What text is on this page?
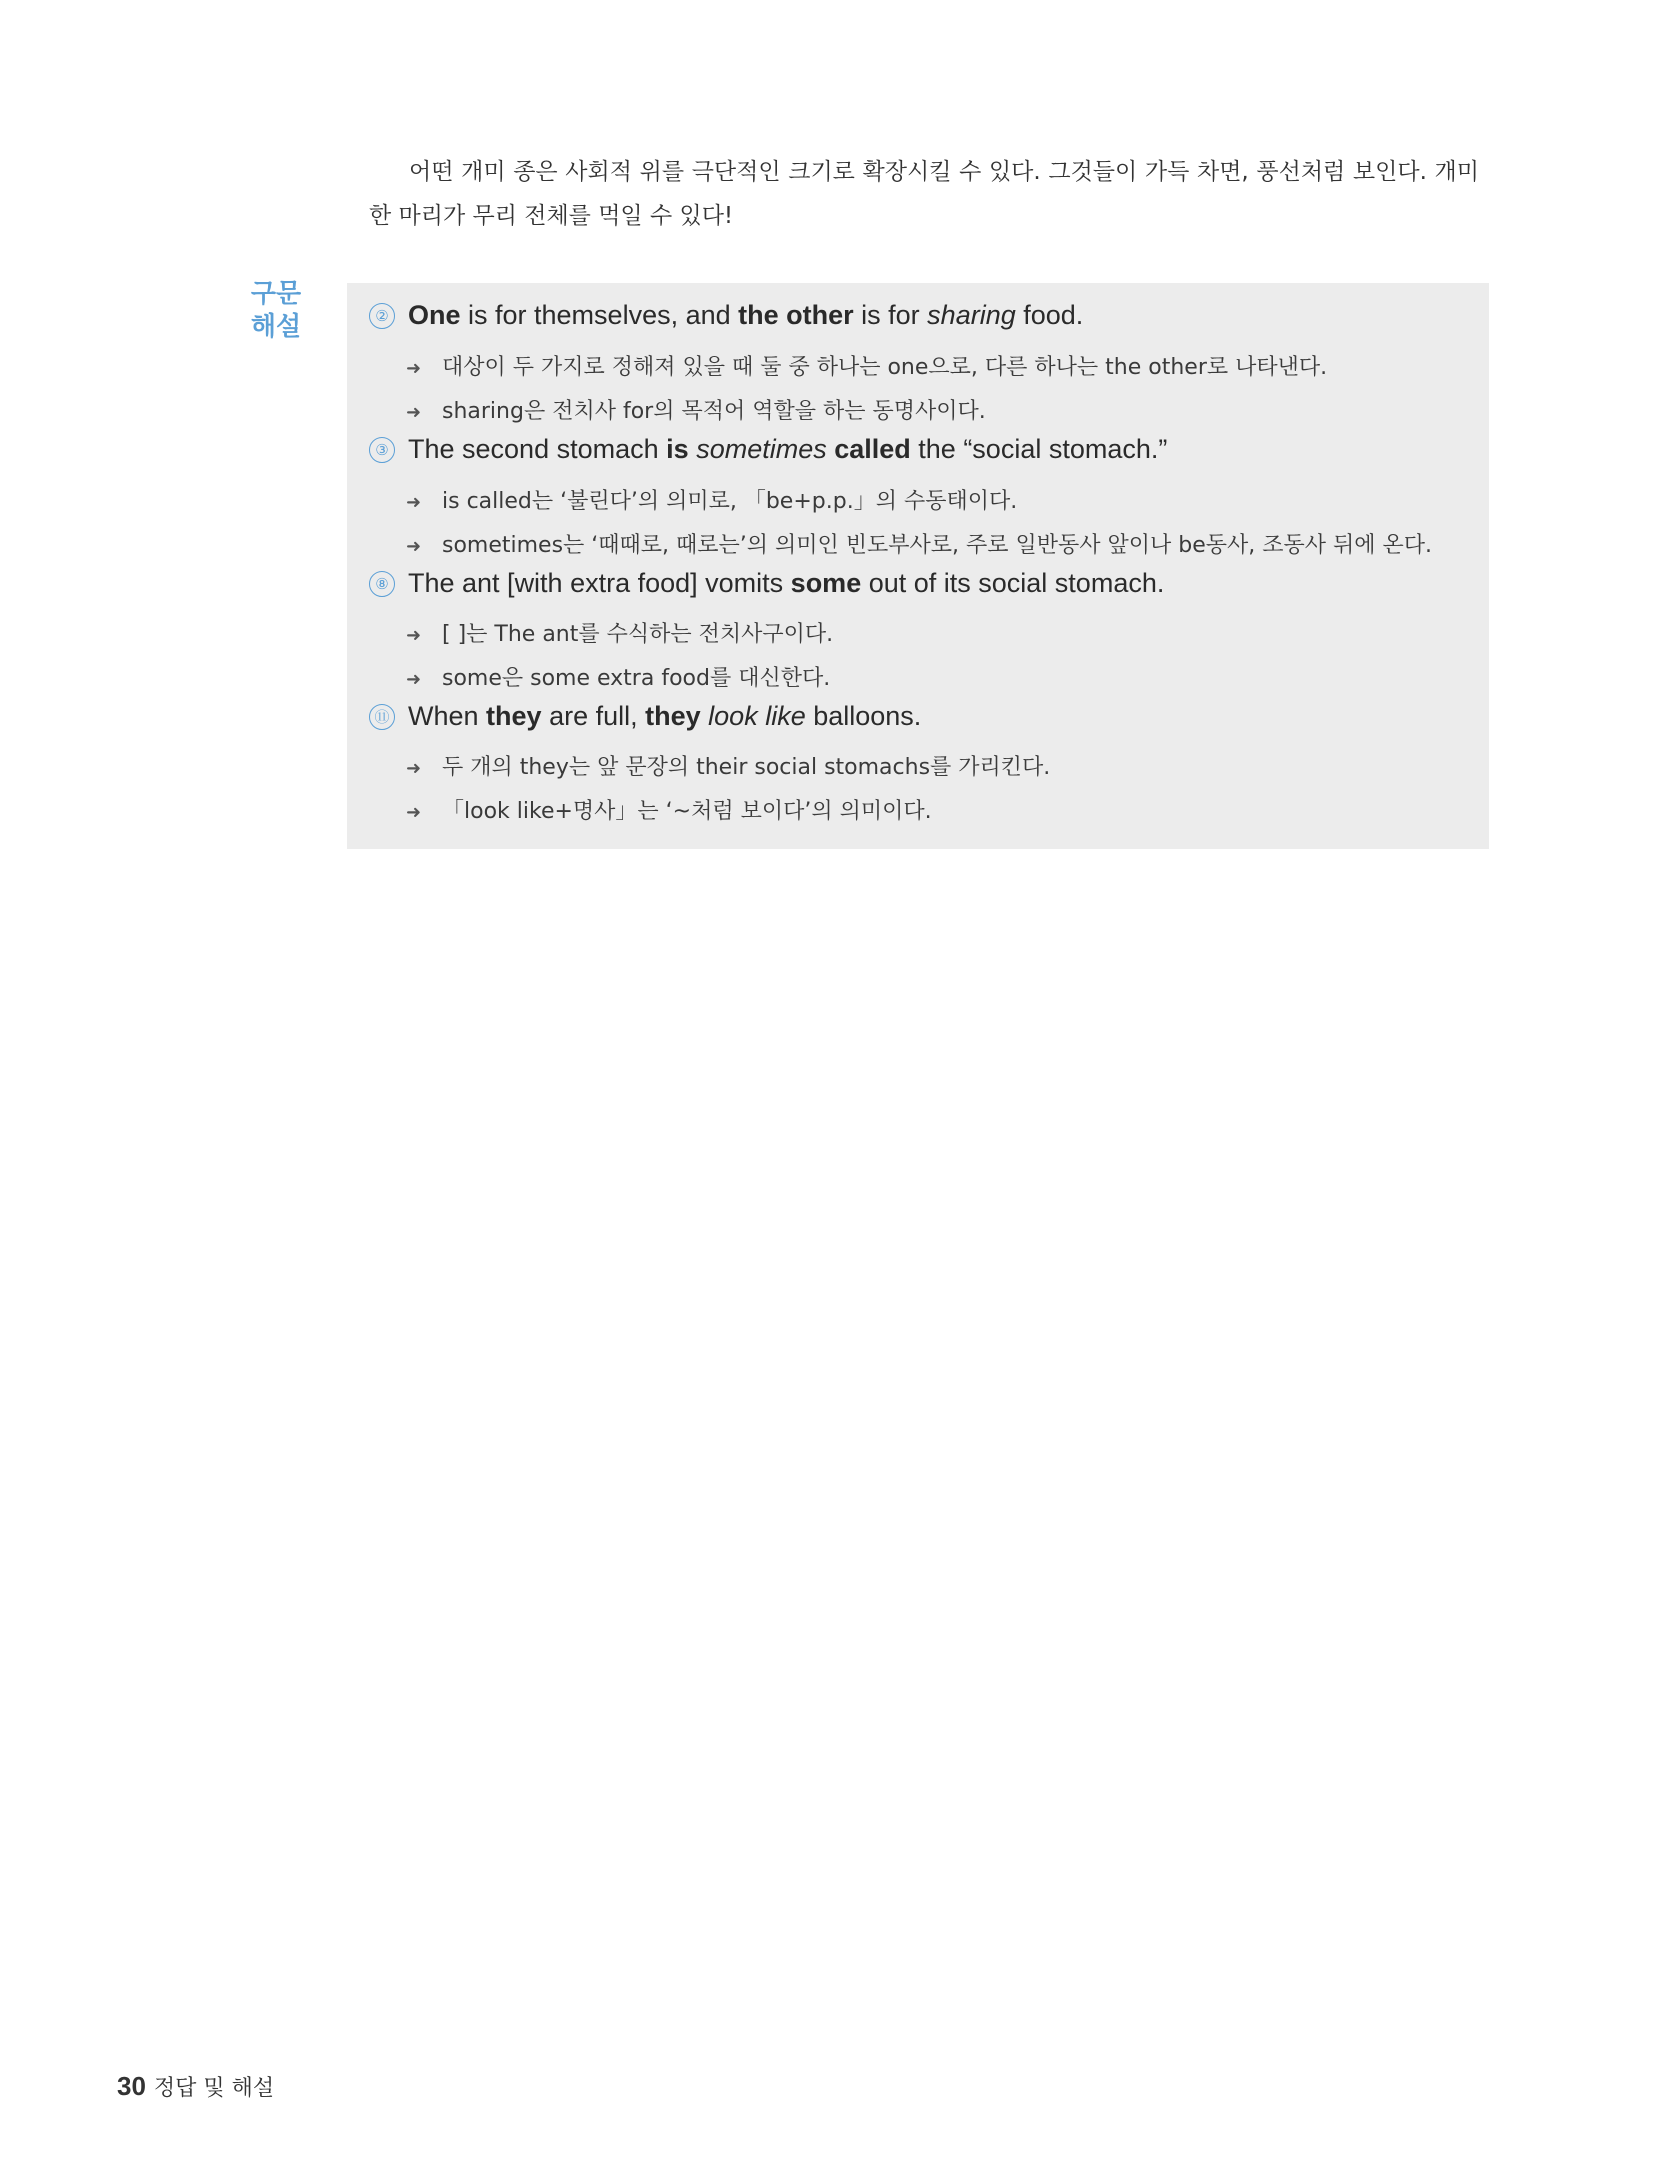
어떤 개미 종은 사회적 위를 극단적인 크기로 확장시킬 수 있다. 그것들이 가득 차면, 풍선처럼 보인다. 개미 한 마리가 무리 전체를 먹일 수 있다!

구문
해설	② One is for themselves, and the other is for sharing food.
➜ 대상이 두 가지로 정해져 있을 때 둘 중 하나는 one으로, 다른 하나는 the other로 나타낸다.
➜ sharing은 전치사 for의 목적어 역할을 하는 동명사이다.
③ The second stomach is sometimes called the “social stomach.”
➜ is called는 ‘불린다’의 의미로, 「be+p.p.」의 수동태이다.
➜ sometimes는 ‘때때로, 때로는’의 의미인 빈도부사로, 주로 일반동사 앞이나 be동사, 조동사 뒤에 온다.
⑧ The ant [with extra food] vomits some out of its social stomach.
➜ [ ]는 The ant를 수식하는 전치사구이다.
➜ some은 some extra food를 대신한다.
⑪ When they are full, they look like balloons.
➜ 두 개의 they는 앞 문장의 their social stomachs를 가리킨다.
➜ 「look like+명사」는 ‘~처럼 보이다’의 의미이다.
30 정답 및 해설
